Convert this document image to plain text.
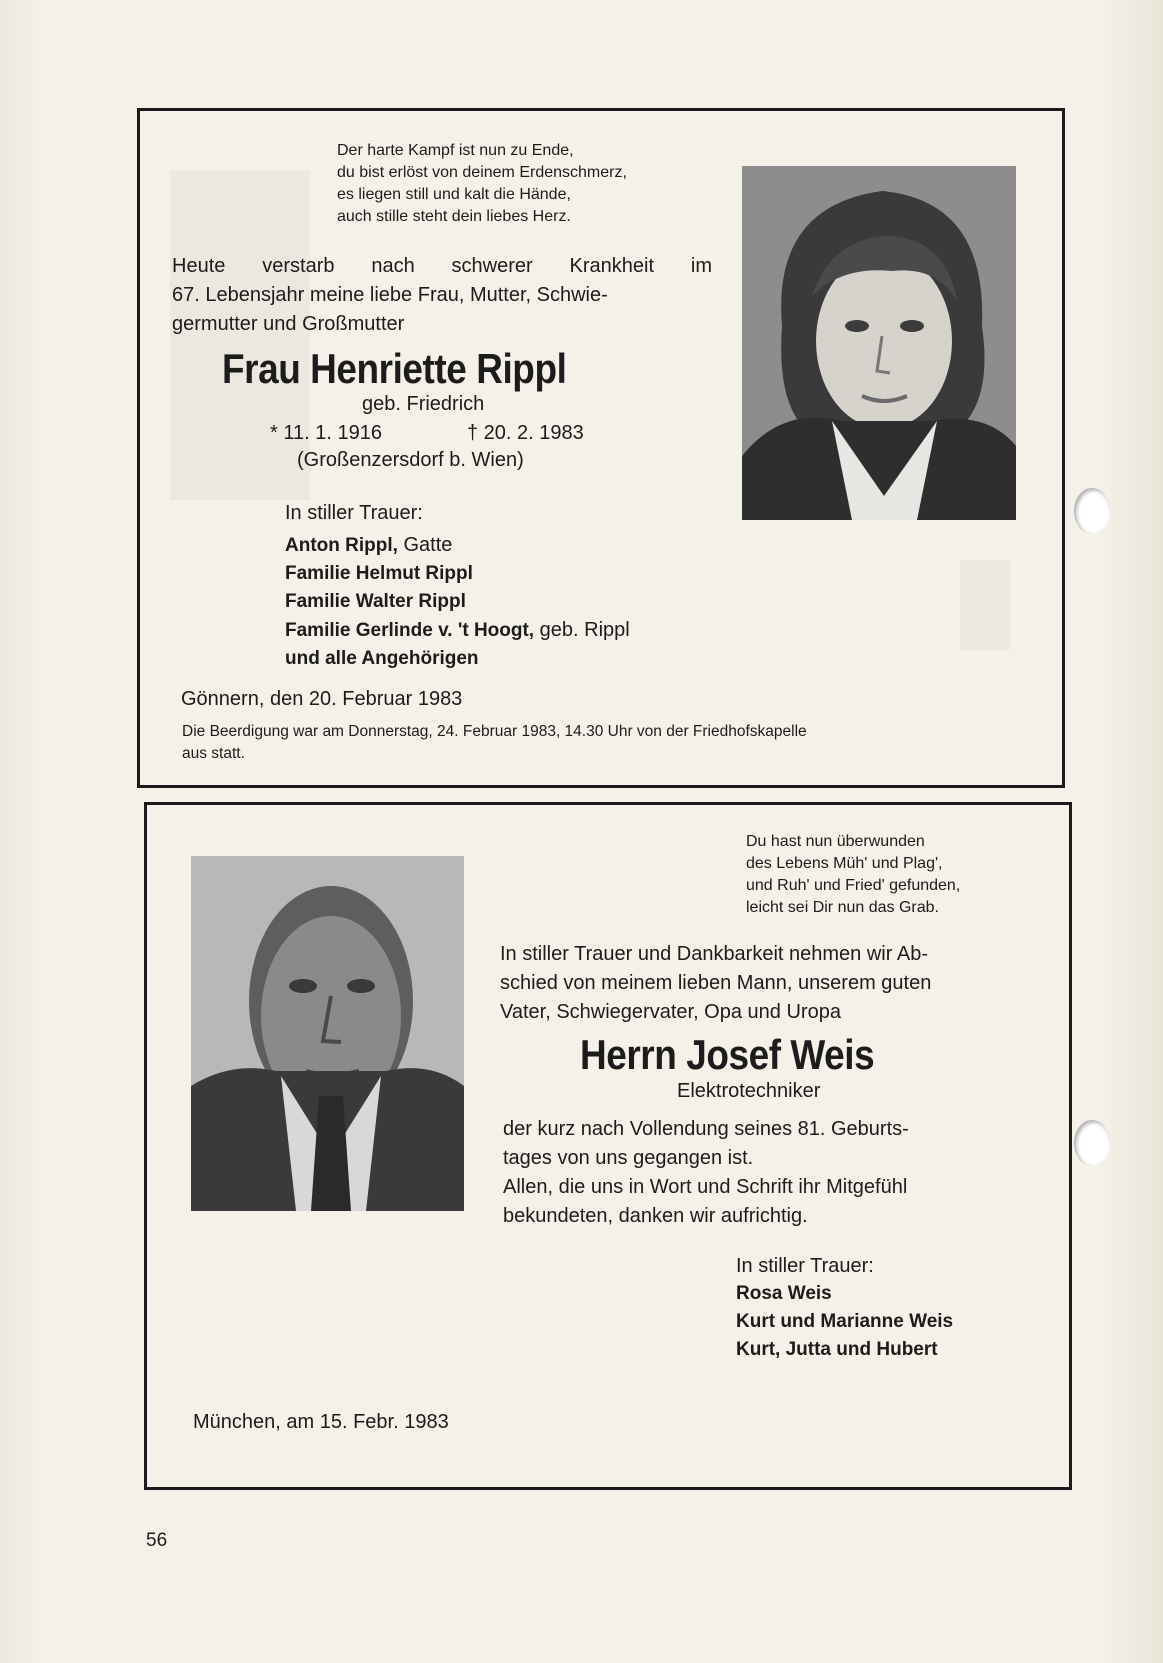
Der harte Kampf ist nun zu Ende,
du bist erlöst von deinem Erdenschmerz,
es liegen still und kalt die Hände,
auch stille steht dein liebes Herz.
Heute verstarb nach schwerer Krankheit im
67. Lebensjahr meine liebe Frau, Mutter, Schwie-
germutter und Großmutter
Frau Henriette Rippl
geb. Friedrich
* 11. 1. 1916	† 20. 2. 1983
(Großenzersdorf b. Wien)
In stiller Trauer:
Anton Rippl, Gatte
Familie Helmut Rippl
Familie Walter Rippl
Familie Gerlinde v. 't Hoogt, geb. Rippl
und alle Angehörigen
Gönnern, den 20. Februar 1983
Die Beerdigung war am Donnerstag, 24. Februar 1983, 14.30 Uhr von der Friedhofskapelle
aus statt.
Du hast nun überwunden
des Lebens Müh' und Plag',
und Ruh' und Fried' gefunden,
leicht sei Dir nun das Grab.
In stiller Trauer und Dankbarkeit nehmen wir Ab-
schied von meinem lieben Mann, unserem guten
Vater, Schwiegervater, Opa und Uropa
Herrn Josef Weis
Elektrotechniker
der kurz nach Vollendung seines 81. Geburts-
tages von uns gegangen ist.
Allen, die uns in Wort und Schrift ihr Mitgefühl
bekundeten, danken wir aufrichtig.
In stiller Trauer:
Rosa Weis
Kurt und Marianne Weis
Kurt, Jutta und Hubert
München, am 15. Febr. 1983
56
